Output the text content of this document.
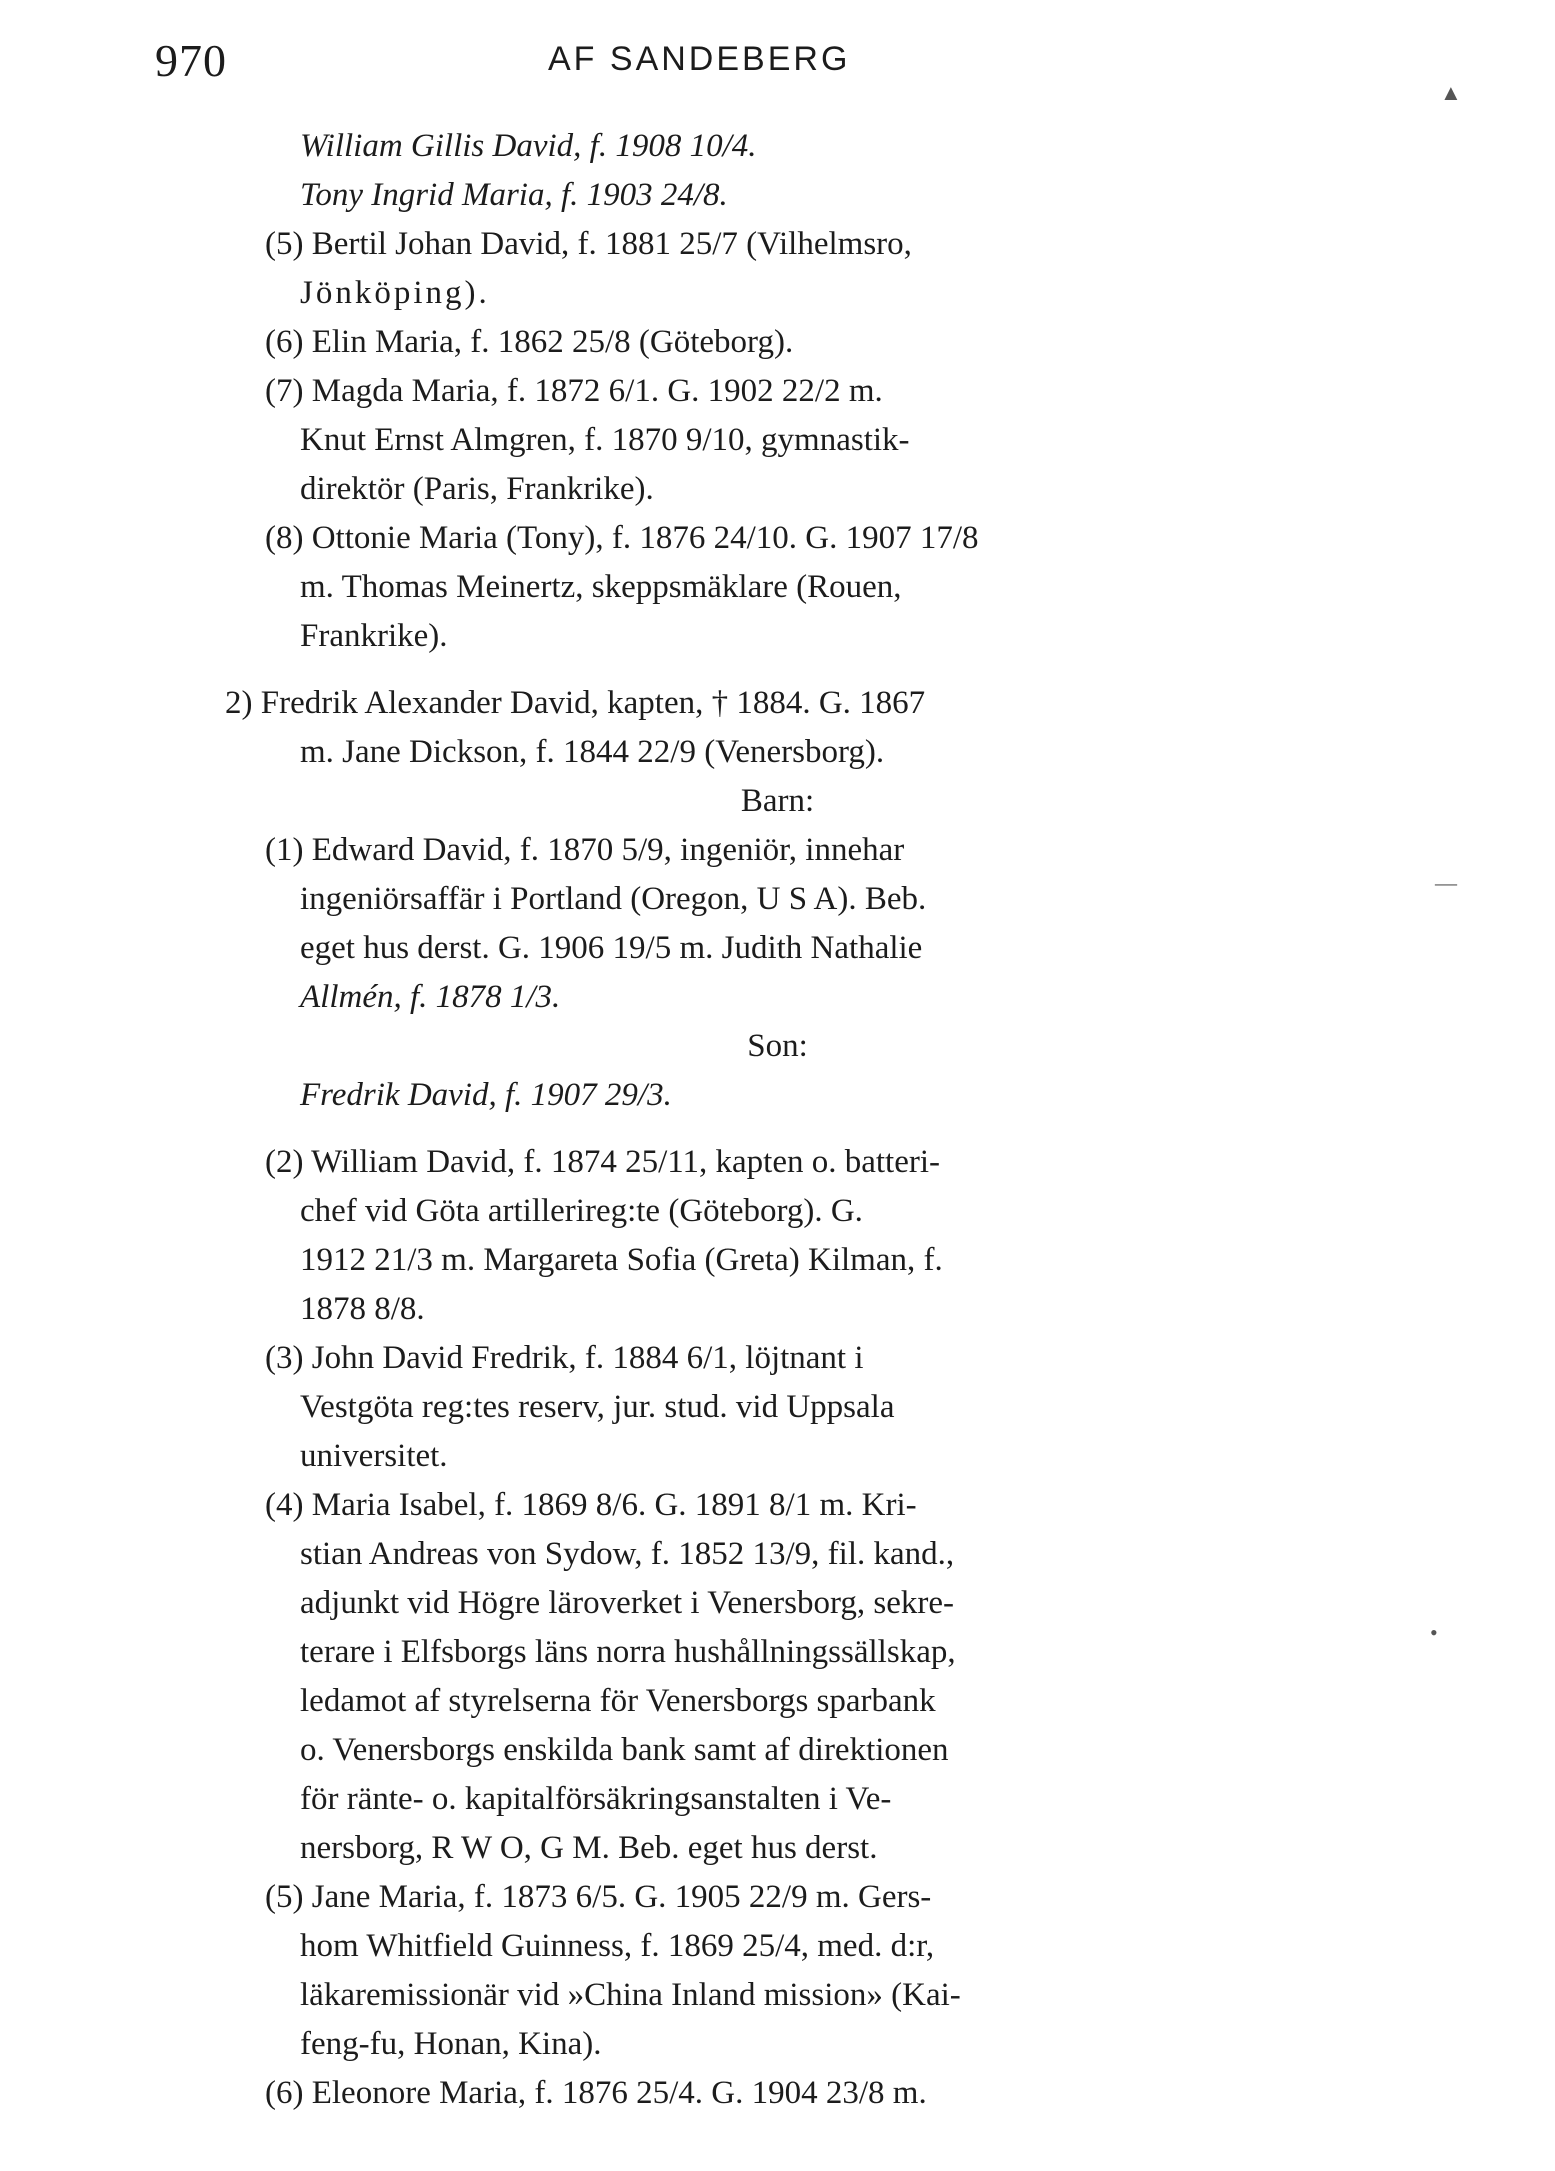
970	AF SANDEBERG
William Gillis David, f. 1908 10/4.
Tony Ingrid Maria, f. 1903 24/8.
(5) Bertil Johan David, f. 1881 25/7 (Vilhelmsro,
Jönköping).
(6) Elin Maria, f. 1862 25/8 (Göteborg).
(7) Magda Maria, f. 1872 6/1. G. 1902 22/2 m.
Knut Ernst Almgren, f. 1870 9/10, gymnastik-
direktör (Paris, Frankrike).
(8) Ottonie Maria (Tony), f. 1876 24/10. G. 1907 17/8
m. Thomas Meinertz, skeppsmäklare (Rouen,
Frankrike).
2) Fredrik Alexander David, kapten, † 1884. G. 1867
m. Jane Dickson, f. 1844 22/9 (Venersborg).
Barn:
(1) Edward David, f. 1870 5/9, ingeniör, innehar
ingeniörsaffär i Portland (Oregon, U S A). Beb.
eget hus derst. G. 1906 19/5 m. Judith Nathalie
Allmén, f. 1878 1/3.
Son:
Fredrik David, f. 1907 29/3.
(2) William David, f. 1874 25/11, kapten o. batteri-
chef vid Göta artillerireg:te (Göteborg). G.
1912 21/3 m. Margareta Sofia (Greta) Kilman, f.
1878 8/8.
(3) John David Fredrik, f. 1884 6/1, löjtnant i
Vestgöta reg:tes reserv, jur. stud. vid Uppsala
universitet.
(4) Maria Isabel, f. 1869 8/6. G. 1891 8/1 m. Kri-
stian Andreas von Sydow, f. 1852 13/9, fil. kand.,
adjunkt vid Högre läroverket i Venersborg, sekre-
terare i Elfsborgs läns norra hushållningssällskap,
ledamot af styrelserna för Venersborgs sparbank
o. Venersborgs enskilda bank samt af direktionen
för ränte- o. kapitalförsäkringsanstalten i Ve-
nersborg, R W O, G M. Beb. eget hus derst.
(5) Jane Maria, f. 1873 6/5. G. 1905 22/9 m. Gers-
hom Whitfield Guinness, f. 1869 25/4, med. d:r,
läkaremissionär vid »China Inland mission» (Kai-
feng-fu, Honan, Kina).
(6) Eleonore Maria, f. 1876 25/4. G. 1904 23/8 m.
▲
—
•
